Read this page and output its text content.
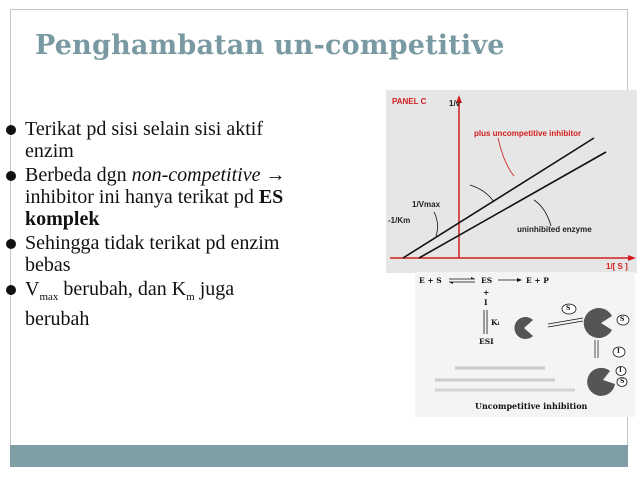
Penghambatan un-competitive
Terikat pd sisi selain sisi aktif enzim
Berbeda dgn non-competitive → inhibitor ini hanya terikat pd ES komplek
Sehingga tidak terikat pd enzim bebas
$V_{max}$ berubah, dan $K_m$ juga berubah
PANEL C	1/v
plus uncompetitive inhibitor
1/Vmax
-1/Km
uninhibited enzyme
1/[ S ]
E + S	ES	E + P
+
I
Ki
ESI
S
S
I
I
S
Uncompetitive inhibition
